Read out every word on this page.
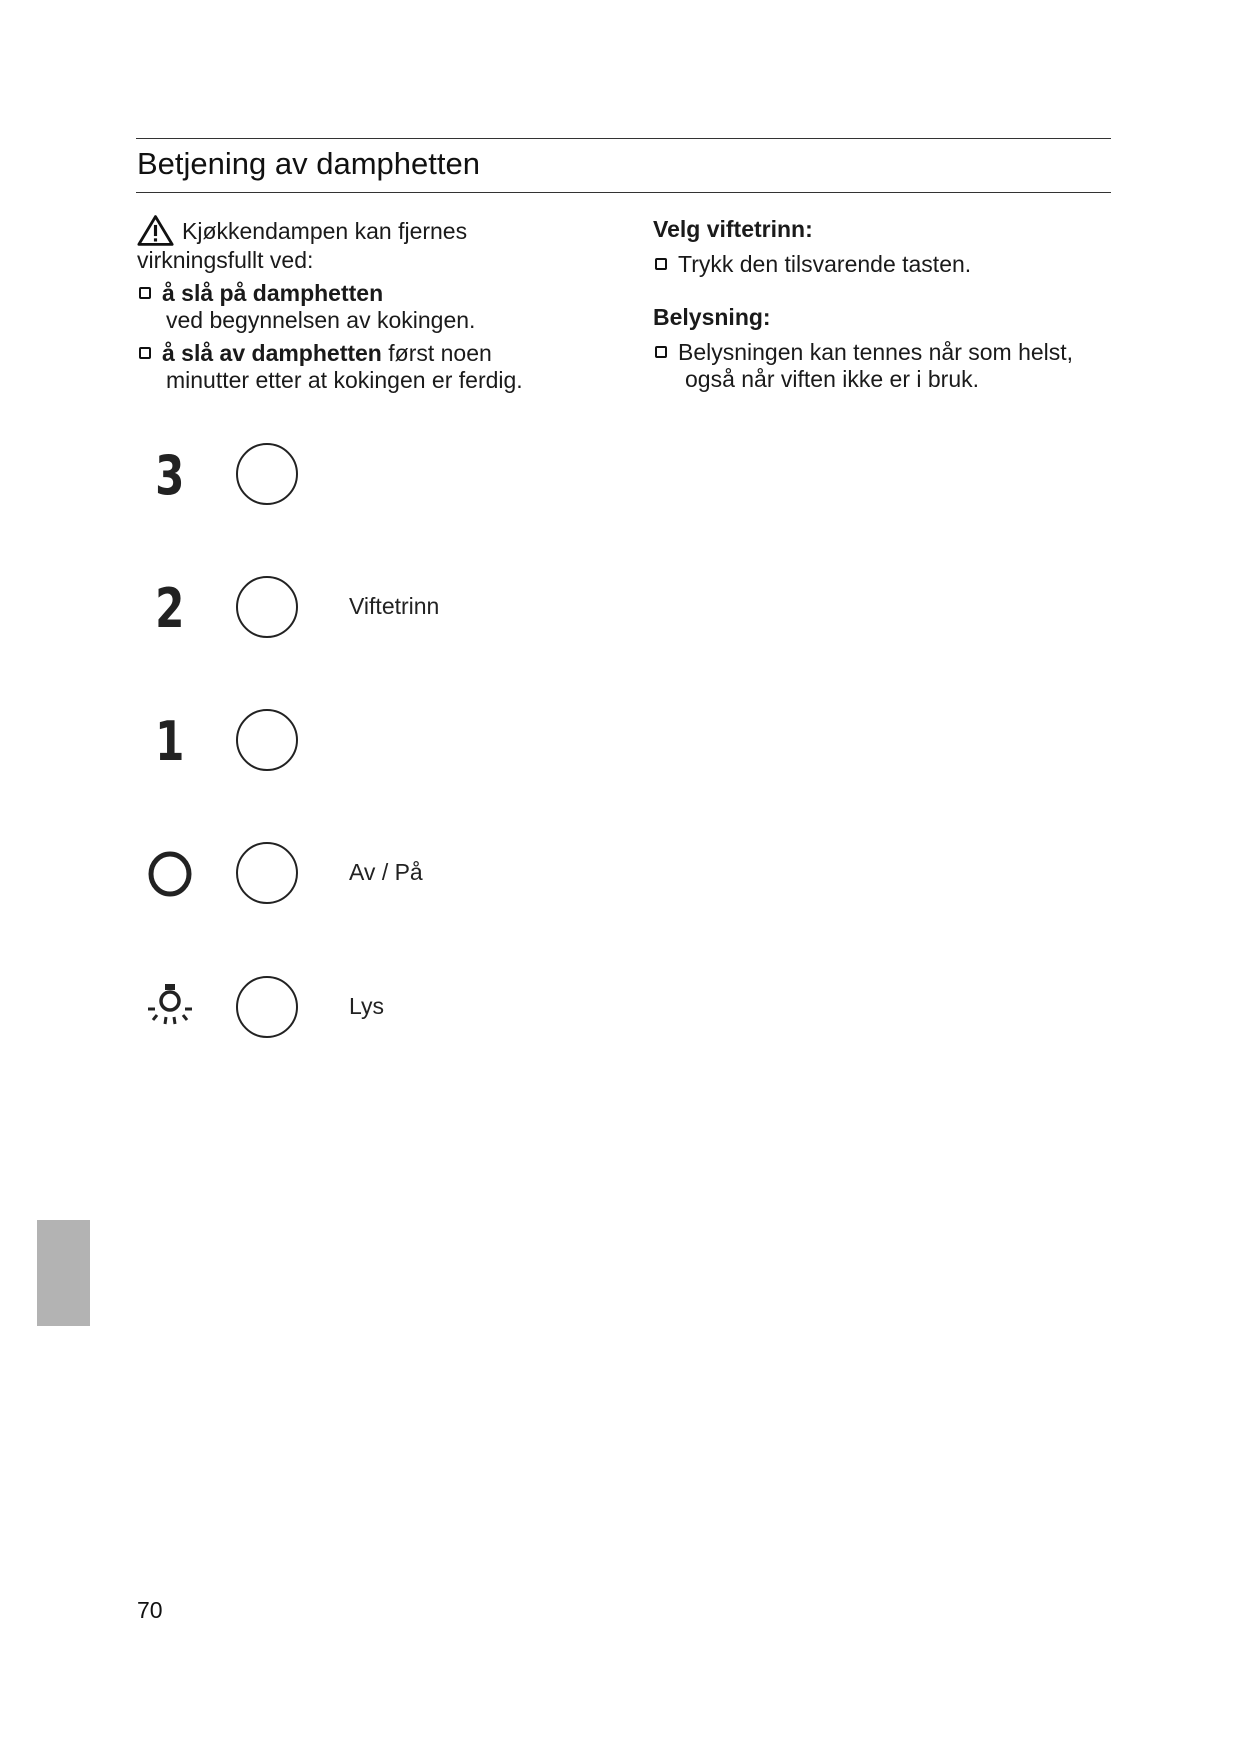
Betjening av damphetten
Kjøkkendampen kan fjernes

virkningsfullt ved:

å slå på damphetten
ved begynnelsen av kokingen.
å slå av damphetten først noen
minutter etter at kokingen er ferdig.

Velg viftetrinn:

Trykk den tilsvarende tasten.

Belysning:

Belysningen kan tennes når som helst,
også når viften ikke er i bruk.
3
2	Viftetrinn
1
Av / På
Lys
70
